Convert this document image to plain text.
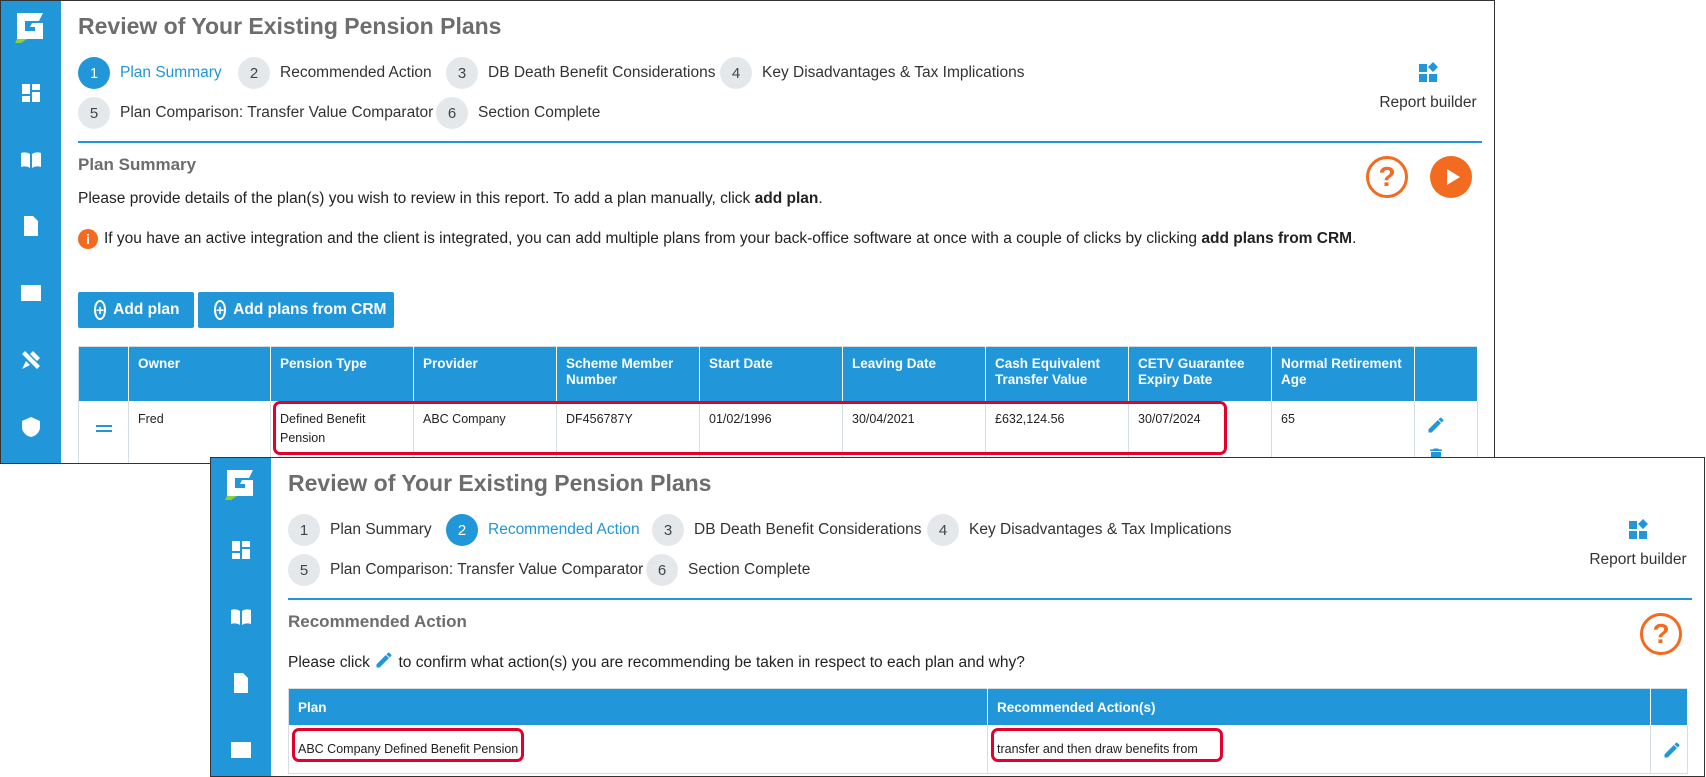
Review of Your Existing Pension Plans
1	Plan Summary	2	Recommended Action	3	DB Death Benefit Considerations	4	Key Disadvantages & Tax Implications
5	Plan Comparison: Transfer Value Comparator 6	Section Complete
Report builder
Plan Summary	?
Please provide details of the plan(s) you wish to review in this report. To add a plan manually, click add plan.
i If you have an active integration and the client is integrated, you can add multiple plans from your back-office software at once with a couple of clicks by clicking add plans from CRM.
+ Add plan	+ Add plans from CRM
	Owner	Pension Type	Provider	Scheme Member Number	Start Date	Leaving Date	Cash Equivalent Transfer Value	CETV Guarantee Expiry Date	Normal Retirement Age	

	Fred	Defined Benefit Pension	ABC Company	DF456787Y	01/02/1996	30/04/2021	£632,124.56	30/07/2024	65	
Review of Your Existing Pension Plans
1	Plan Summary	2	Recommended Action	3	DB Death Benefit Considerations	4	Key Disadvantages & Tax Implications
5	Plan Comparison: Transfer Value Comparator 6	Section Complete
Report builder
Recommended Action	?
Please click  to confirm what action(s) you are recommending be taken in respect to each plan and why?
Plan	Recommended Action(s)	
ABC Company Defined Benefit Pension	transfer and then draw benefits from	
